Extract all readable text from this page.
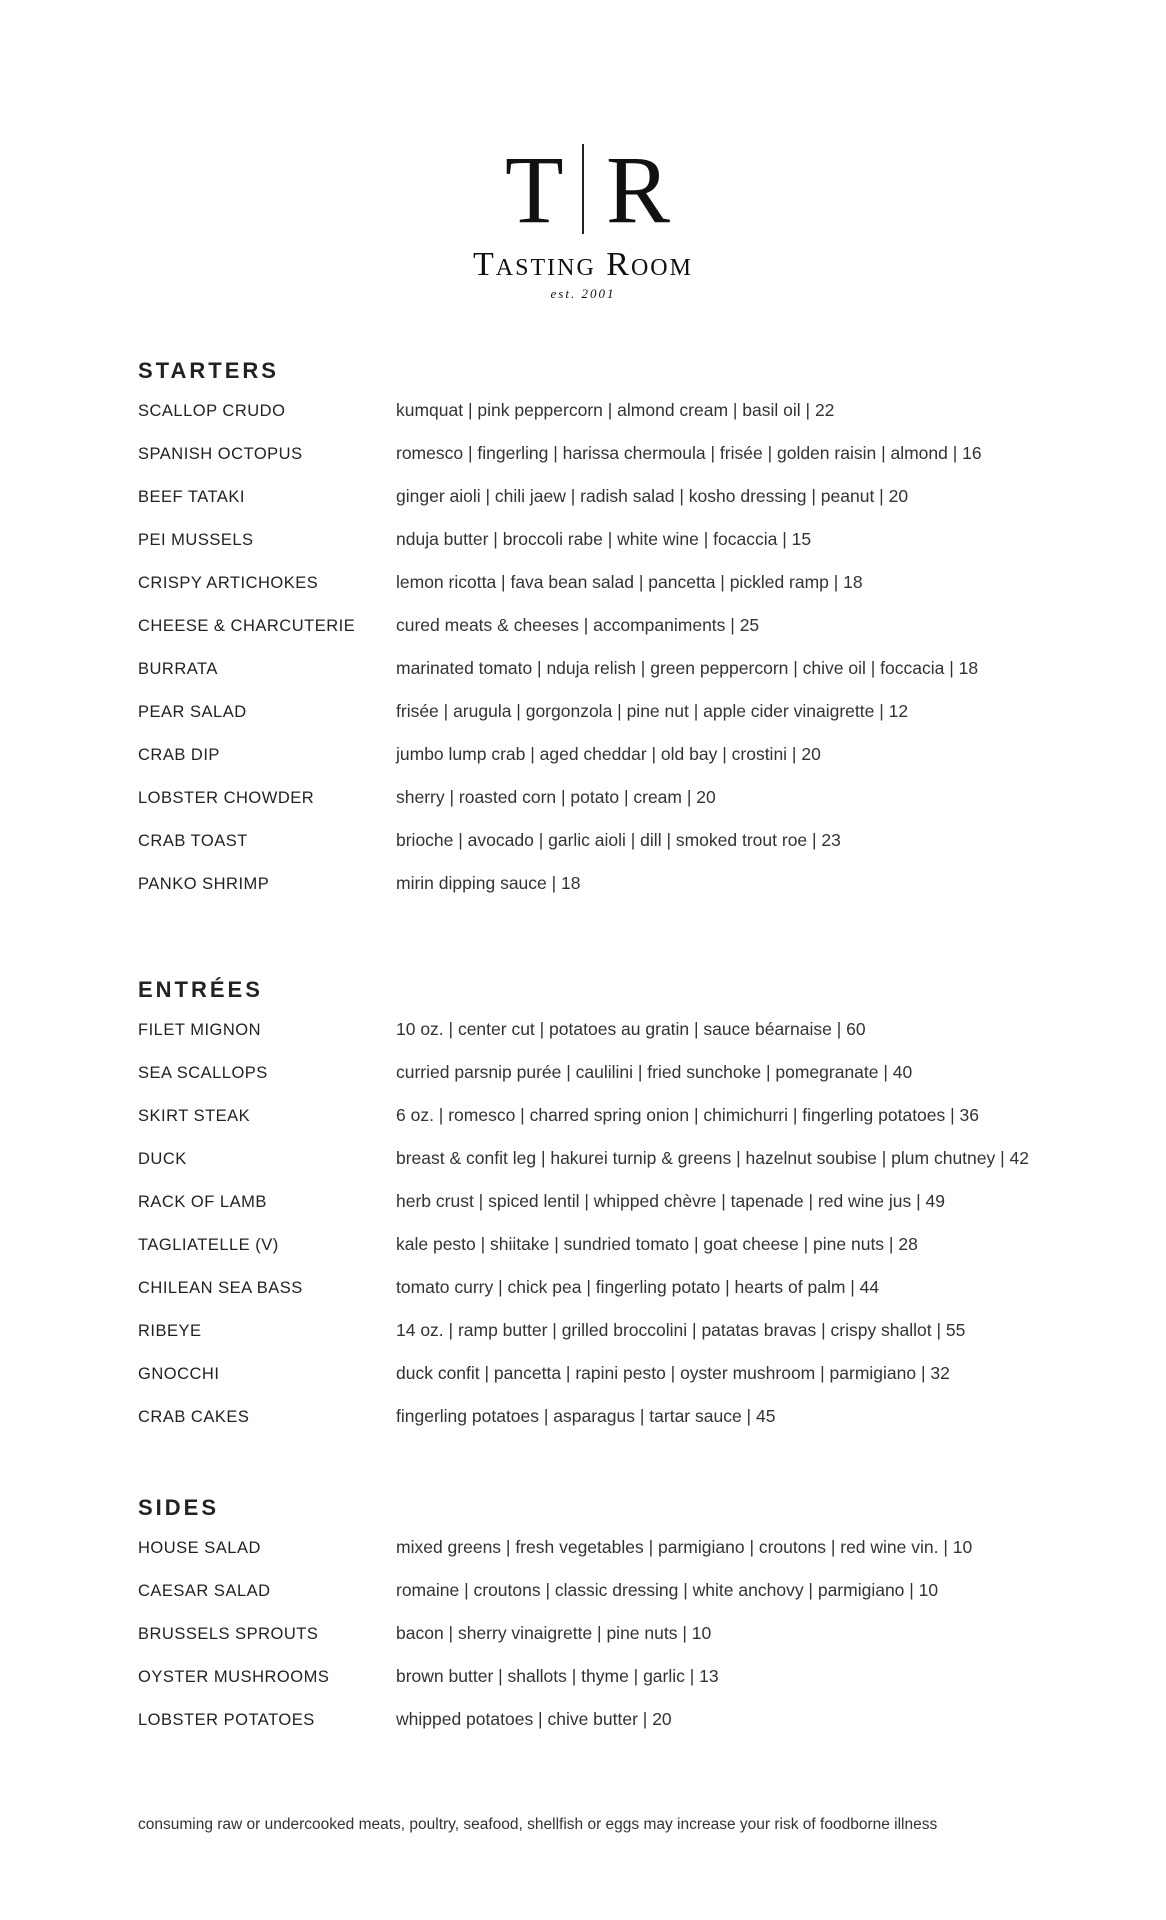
T R
Tasting Room
est. 2001
STARTERS
SCALLOP CRUDO	kumquat | pink peppercorn | almond cream | basil oil | 22
SPANISH OCTOPUS	romesco | fingerling | harissa chermoula | frisée | golden raisin | almond | 16
BEEF TATAKI	ginger aioli | chili jaew | radish salad | kosho dressing | peanut | 20
PEI MUSSELS	nduja butter | broccoli rabe | white wine | focaccia | 15
CRISPY ARTICHOKES	lemon ricotta | fava bean salad | pancetta | pickled ramp | 18
CHEESE & CHARCUTERIE cured meats & cheeses | accompaniments | 25
BURRATA	marinated tomato | nduja relish | green peppercorn | chive oil | foccacia | 18
PEAR SALAD	frisée | arugula | gorgonzola | pine nut | apple cider vinaigrette | 12
CRAB DIP	jumbo lump crab | aged cheddar | old bay | crostini | 20
LOBSTER CHOWDER	sherry | roasted corn | potato | cream | 20
CRAB TOAST	brioche | avocado | garlic aioli | dill | smoked trout roe | 23
PANKO SHRIMP	mirin dipping sauce | 18
ENTRÉES
FILET MIGNON	10 oz. | center cut | potatoes au gratin | sauce béarnaise | 60
SEA SCALLOPS	curried parsnip purée | caulilini | fried sunchoke | pomegranate | 40
SKIRT STEAK	6 oz. | romesco | charred spring onion | chimichurri | fingerling potatoes | 36
DUCK	breast & confit leg | hakurei turnip & greens | hazelnut soubise | plum chutney | 42
RACK OF LAMB	herb crust | spiced lentil | whipped chèvre | tapenade | red wine jus | 49
TAGLIATELLE (V)	kale pesto | shiitake | sundried tomato | goat cheese | pine nuts | 28
CHILEAN SEA BASS	tomato curry | chick pea | fingerling potato | hearts of palm | 44
RIBEYE	14 oz. | ramp butter | grilled broccolini | patatas bravas | crispy shallot | 55
GNOCCHI	duck confit | pancetta | rapini pesto | oyster mushroom | parmigiano | 32
CRAB CAKES	fingerling potatoes | asparagus | tartar sauce | 45
SIDES
HOUSE SALAD	mixed greens | fresh vegetables | parmigiano | croutons | red wine vin. | 10
CAESAR SALAD	romaine | croutons | classic dressing | white anchovy | parmigiano | 10
BRUSSELS SPROUTS	bacon | sherry vinaigrette | pine nuts | 10
OYSTER MUSHROOMS	brown butter | shallots | thyme | garlic | 13
LOBSTER POTATOES	whipped potatoes | chive butter | 20
consuming raw or undercooked meats, poultry, seafood, shellfish or eggs may increase your risk of foodborne illness
